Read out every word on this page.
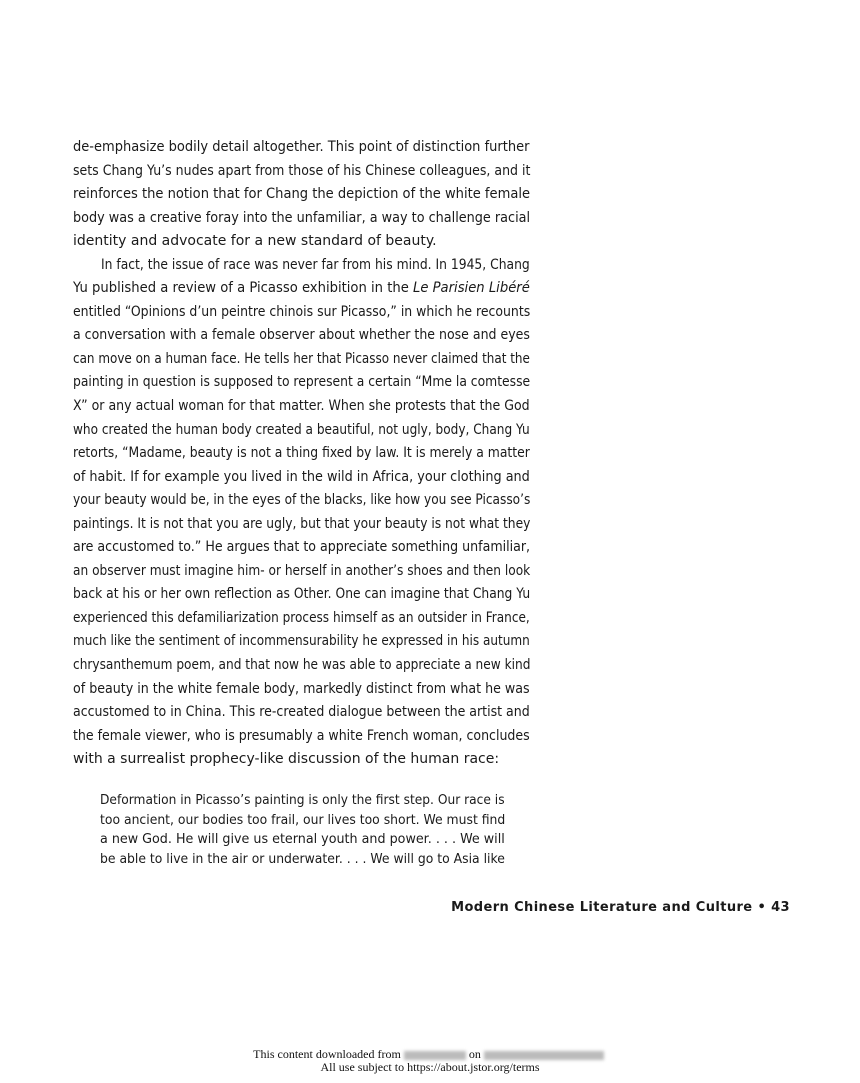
de-emphasize bodily detail altogether. This point of distinction further
sets Chang Yu’s nudes apart from those of his Chinese colleagues, and it
reinforces the notion that for Chang the depiction of the white female
body was a creative foray into the unfamiliar, a way to challenge racial
identity and advocate for a new standard of beauty.
In fact, the issue of race was never far from his mind. In 1945, Chang
Yu published a review of a Picasso exhibition in the Le Parisien Libéré
entitled “Opinions d’un peintre chinois sur Picasso,” in which he recounts
a conversation with a female observer about whether the nose and eyes
can move on a human face. He tells her that Picasso never claimed that the
painting in question is supposed to represent a certain “Mme la comtesse
X” or any actual woman for that matter. When she protests that the God
who created the human body created a beautiful, not ugly, body, Chang Yu
retorts, “Madame, beauty is not a thing fixed by law. It is merely a matter
of habit. If for example you lived in the wild in Africa, your clothing and
your beauty would be, in the eyes of the blacks, like how you see Picasso’s
paintings. It is not that you are ugly, but that your beauty is not what they
are accustomed to.” He argues that to appreciate something unfamiliar,
an observer must imagine him- or herself in another’s shoes and then look
back at his or her own reflection as Other. One can imagine that Chang Yu
experienced this defamiliarization process himself as an outsider in France,
much like the sentiment of incommensurability he expressed in his autumn
chrysanthemum poem, and that now he was able to appreciate a new kind
of beauty in the white female body, markedly distinct from what he was
accustomed to in China. This re-created dialogue between the artist and
the female viewer, who is presumably a white French woman, concludes
with a surrealist prophecy-like discussion of the human race:
Deformation in Picasso’s painting is only the first step. Our race is
too ancient, our bodies too frail, our lives too short. We must find
a new God. He will give us eternal youth and power. . . . We will
be able to live in the air or underwater. . . . We will go to Asia like
Modern Chinese Literature and Culture • 43
This content downloaded from	on
All use subject to https://about.jstor.org/terms
